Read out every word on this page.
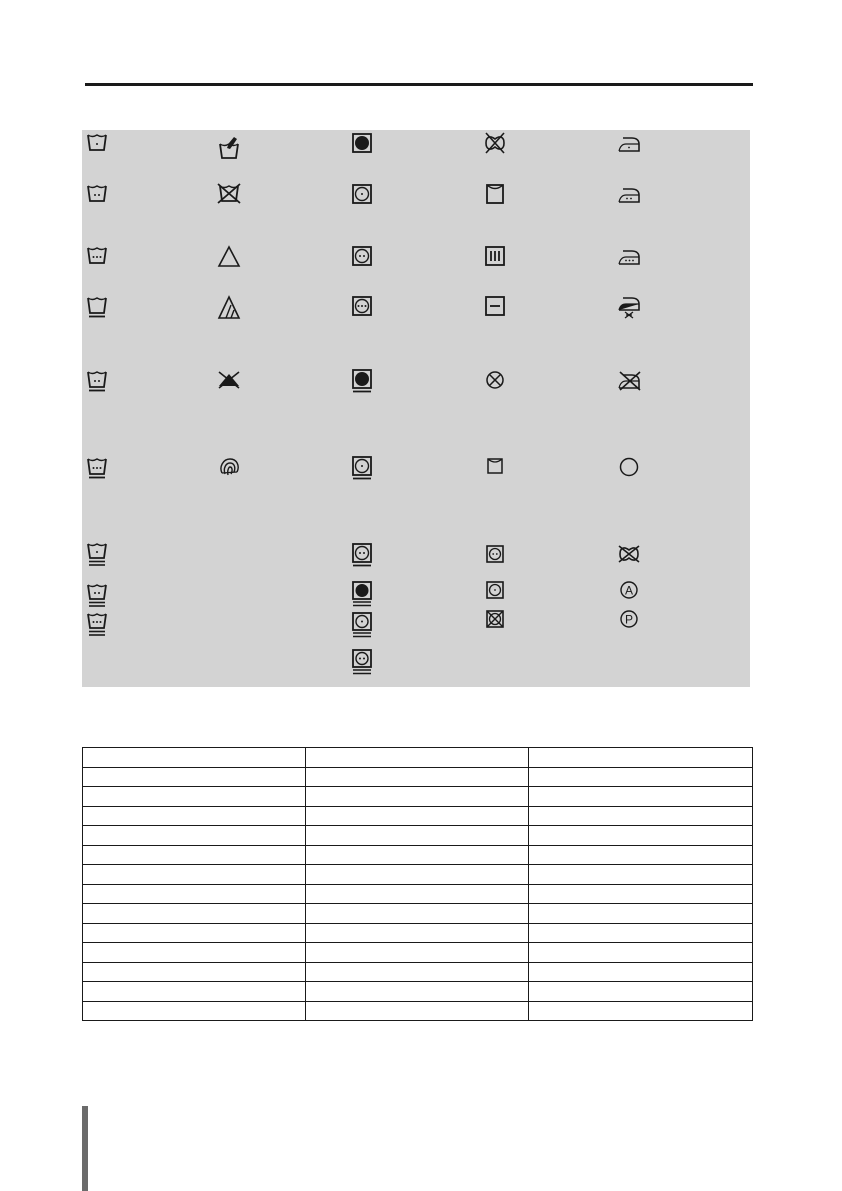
A
P
